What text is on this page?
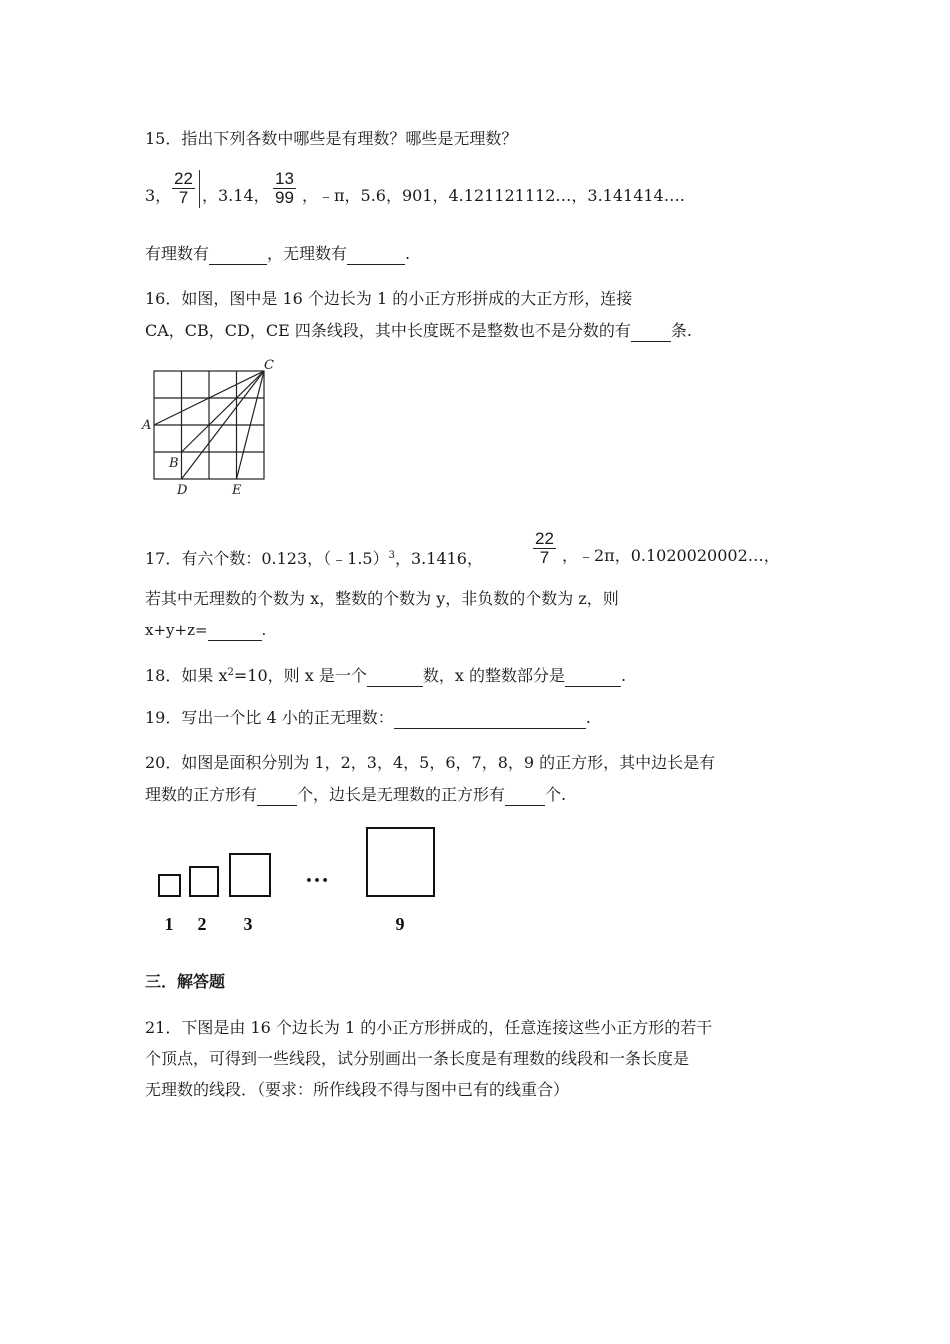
15．指出下列各数中哪些是有理数？哪些是无理数？
3， $\frac{22}{7}$ ，3.14， $\frac{13}{99}$ ，﹣π，5.6，901，4.121121112…，3.141414….
有理数有	，无理数有	.
16．如图，图中是 16 个边长为 1 的小正方形拼成的大正方形，连接
CA，CB，CD，CE 四条线段，其中长度既不是整数也不是分数的有	条.
C
A
B
D	E
17．有六个数：0.123，（﹣1.5）$^3$，3.1416，	$\frac{22}{7}$ ，﹣2π，0.1020020002…，
若其中无理数的个数为 x，整数的个数为 y，非负数的个数为 z，则
x+y+z=	.
18．如果 $x^2=10$，则 x 是一个	数，x 的整数部分是	.
19．写出一个比 4 小的正无理数：	.
20．如图是面积分别为 1，2，3，4，5，6，7，8，9 的正方形，其中边长是有
理数的正方形有	个，边长是无理数的正方形有	个.
1 2 3	9
…
三．解答题
21．下图是由 16 个边长为 1 的小正方形拼成的，任意连接这些小正方形的若干
个顶点，可得到一些线段，试分别画出一条长度是有理数的线段和一条长度是
无理数的线段．（要求：所作线段不得与图中已有的线重合）
